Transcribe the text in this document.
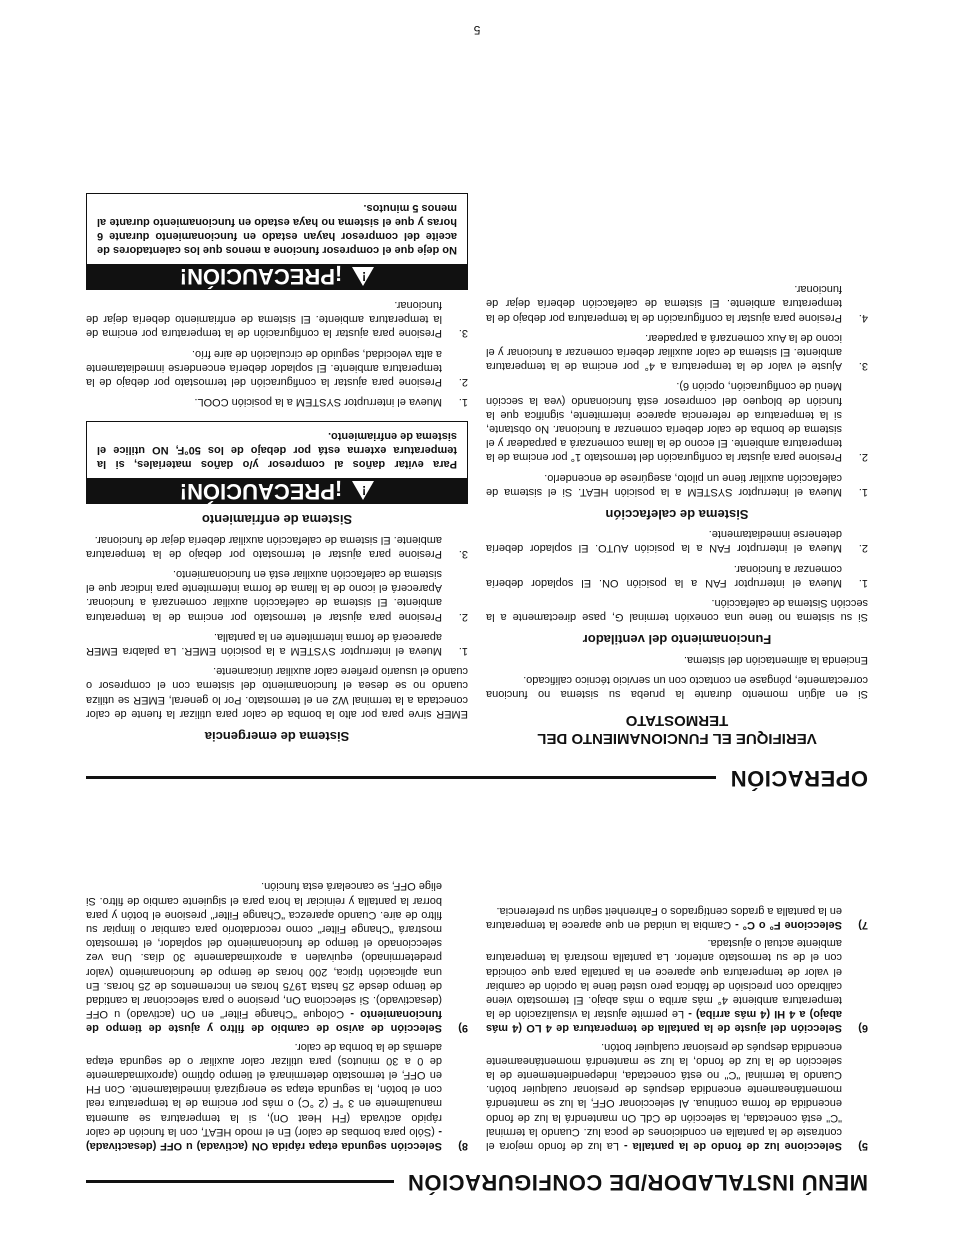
MENÚ INSTALADOR/DE CONFIGURACIÓN
5)
Seleccione luz de fondo de la pantalla - La luz de fondo mejora el contraste de la pantalla en condiciones de poca luz. Cuando la terminal "C" está conectada, la selección de CdL On mantendrá la luz de fondo encendida de forma continua. Al seleccionar OFF, la luz se mantendrá momentáneamente encendida después de presionar cualquier botón. Cuando la terminal "C" no está conectada, independientemente de la selección de la luz de fondo, la luz se mantendrá momentáneamente encendida después de presionar cualquier botón.
6)
Selección del ajuste de la pantalla de temperatura de 4 LO (4 más abajo) a 4 HI (4 más arriba) - Le permite ajustar la visualización de la temperatura ambiente 4° más arriba o más abajo. El termostato viene calibrado con precisión de fábrica pero usted tiene la opción de cambiar el valor de temperatura que aparece en la pantalla para que coincida con el de su termostato anterior. La pantalla mostrará la temperatura ambiente actual o ajustada.
7)
Seleccione F° o C° - Cambia la unidad en que aparece la temperatura en la pantalla a grados centígrados o Fahrenheit según su preferencia.
8)
Selección segunda etapa rápida ON (activada) u OFF (desactivada) - (Sólo para bombas de calor) En el modo HEAT, con la función de calor rápido activada (FH Heat On), si la temperatura se aumenta manualmente en 3 °F (2 °C) o más por encima de la temperatura real con el botón, la segunda etapa se energizará inmediatamente. Con FH en OFF, el termostato determinará el tiempo óptimo (aproximadamente de 0 a 30 minutos) para utilizar calor auxiliar o de segunda etapa además de la bomba de calor.
9)
Selección de aviso de cambio de filtro y ajuste de tiempo de funcionamiento - Coloque "Change Filter" en On (activado) u OFF (desactivado). Si selecciona On, presione o para seleccionar la cantidad de tiempo desde 25 hasta 1975 horas en incrementos de 25 horas. En una aplicación típica, 200 horas de tiempo de funcionamiento (valor predeterminado) equivalen a aproximadamente 30 días. Una vez seleccionado el tiempo de funcionamiento del soplador, el termostato mostrará "Change Filter" como recordatorio para cambiar o limpiar su filtro de aire. Cuando aparezca "Change Filter" presione el botón y para borrar la pantalla y reiniciar la hora para el siguiente cambio de filtro. Si elige OFF, se cancelará esta función.
OPERACIÓN
VERIFIQUE EL FUNCIONAMIENTO DEL TERMOSTATO

Si en algún momento durante la prueba su sistema no funciona correctamente, póngase en contacto con un servicio técnico calificado.

Encienda la alimentación del sistema.

Funcionamiento del ventilador

Si su sistema no tiene una conexión terminal G, pase directamente a la sección Sistema de calefacción.

1.
Mueva el interruptor FAN a la posición ON. El soplador debería comenzar a funcionar.
2.
Mueva el interruptor FAN a la posición AUTO. El soplador debería detenerse inmediatamente.
Sistema de calefacción
1.
Mueva el interruptor SYSTEM a la posición HEAT. Si el sistema de calefacción auxiliar tiene un piloto, asegúrese de encenderlo.
2.
Presione para ajustar la configuración del termostato 1° por encima de la temperatura ambiente. El econo de la llama comenzará a parpadear y el sistema de bomba de calor debería comenzar a funcionar. No obstante, si la temperatura de referencia aparece intermitente, significa que la función de bloqueo del compresor está funcionando (vea la sección Menú de configuración, opción 6).
3.
Ajuste el valor de la temperatura a 4° por encima de la temperatura ambiente. El sistema de calor auxiliar debería comenzar a funcionar y el icono de la Aux comenzará a parpadear.
4.
Presione para ajustar la configuración de la temperatura por debajo de la temperatura ambiente. El sistema de calefacción debería dejar de funcionar.
Sistema de emergencia

EMER sirve para por alto la bomba de calor para utilizar la fuente de calor conectada a la terminal W2 en el termostato. Por lo general, EMER se utiliza cuando no se desea el funcionamiento del sistema con el compresor o cuando el usuario prefiere calor auxiliar únicamente.

1.
Mueva el interruptor SYSTEM a la posición EMER. La palabra EMER aparecerá de forma intermitente en la pantalla.
2.
Presione para ajustar el termostato por encima de la temperatura ambiente. El sistema de calefacción auxiliar comenzará a funcionar. Aparecerá el icono de la llama de forma intermitente para indicar que el sistema de calefacción auxiliar está en funcionamiento.
3.
Presione para ajustar el termostato por debajo de la temperatura ambiente. El sistema de calefacción auxiliar debería dejar de funcionar.
Sistema de enfriamiento
!
¡PRECAUCIÓN!
Para evitar daños al compresor y/o daños materiales, si la temperatura externa está por debajo de los 50°F, NO utilice el sistema de enfriamiento.
1.
Mueva el interruptor SYSTEM a la posición COOL.
2.
Presione para ajustar la configuración del termostato por debajo de la temperatura ambiente. El soplador debería encenderse inmediatamente a alta velocidad, seguido de circulación de aire frío.
3.
Presione para ajustar la configuración de la temperatura por encima de la temperatura ambiente. El sistema de enfriamiento debería dejar de funcionar.
!
¡PRECAUCIÓN!
No deje que el compresor funcione a menos que los calentadores de aceite del compresor hayan estado en funcionamiento durante 6 horas y que el sistema no haya estado en funcionamiento durante al menos 5 minutos.
5
